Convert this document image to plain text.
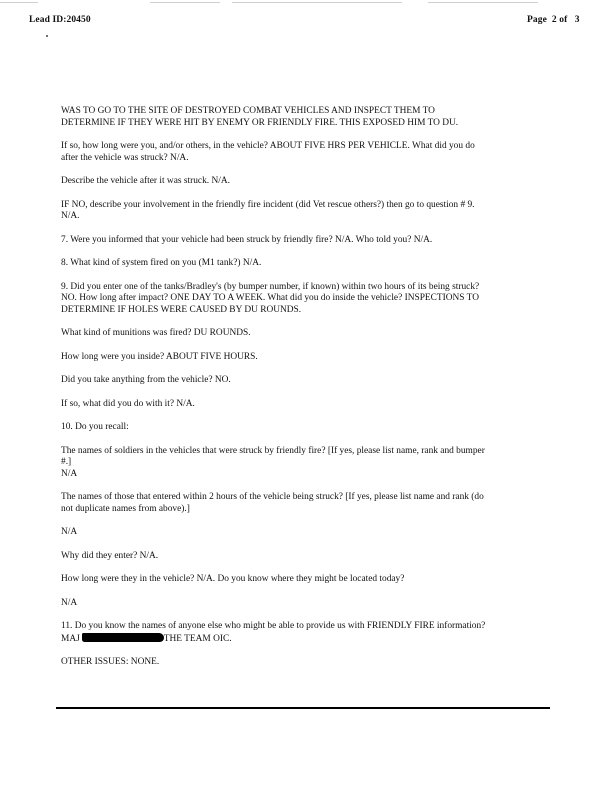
Lead ID:20450	Page 2 of 3

WAS TO GO TO THE SITE OF DESTROYED COMBAT VEHICLES AND INSPECT THEM TO
DETERMINE IF THEY WERE HIT BY ENEMY OR FRIENDLY FIRE. THIS EXPOSED HIM TO DU.

If so, how long were you, and/or others, in the vehicle? ABOUT FIVE HRS PER VEHICLE. What did you do
after the vehicle was struck? N/A.

Describe the vehicle after it was struck. N/A.

IF NO, describe your involvement in the friendly fire incident (did Vet rescue others?) then go to question # 9.
N/A.

7. Were you informed that your vehicle had been struck by friendly fire? N/A. Who told you? N/A.

8. What kind of system fired on you (M1 tank?) N/A.

9. Did you enter one of the tanks/Bradley's (by bumper number, if known) within two hours of its being struck?
NO. How long after impact? ONE DAY TO A WEEK. What did you do inside the vehicle? INSPECTIONS TO
DETERMINE IF HOLES WERE CAUSED BY DU ROUNDS.

What kind of munitions was fired? DU ROUNDS.

How long were you inside? ABOUT FIVE HOURS.

Did you take anything from the vehicle? NO.

If so, what did you do with it? N/A.

10. Do you recall:

The names of soldiers in the vehicles that were struck by friendly fire? [If yes, please list name, rank and bumper
#.]
N/A

The names of those that entered within 2 hours of the vehicle being struck? [If yes, please list name and rank (do
not duplicate names from above).]

N/A

Why did they enter? N/A.

How long were they in the vehicle? N/A. Do you know where they might be located today?

N/A

11. Do you know the names of anyone else who might be able to provide us with FRIENDLY FIRE information?
MAJ	THE TEAM OIC.

OTHER ISSUES: NONE.
